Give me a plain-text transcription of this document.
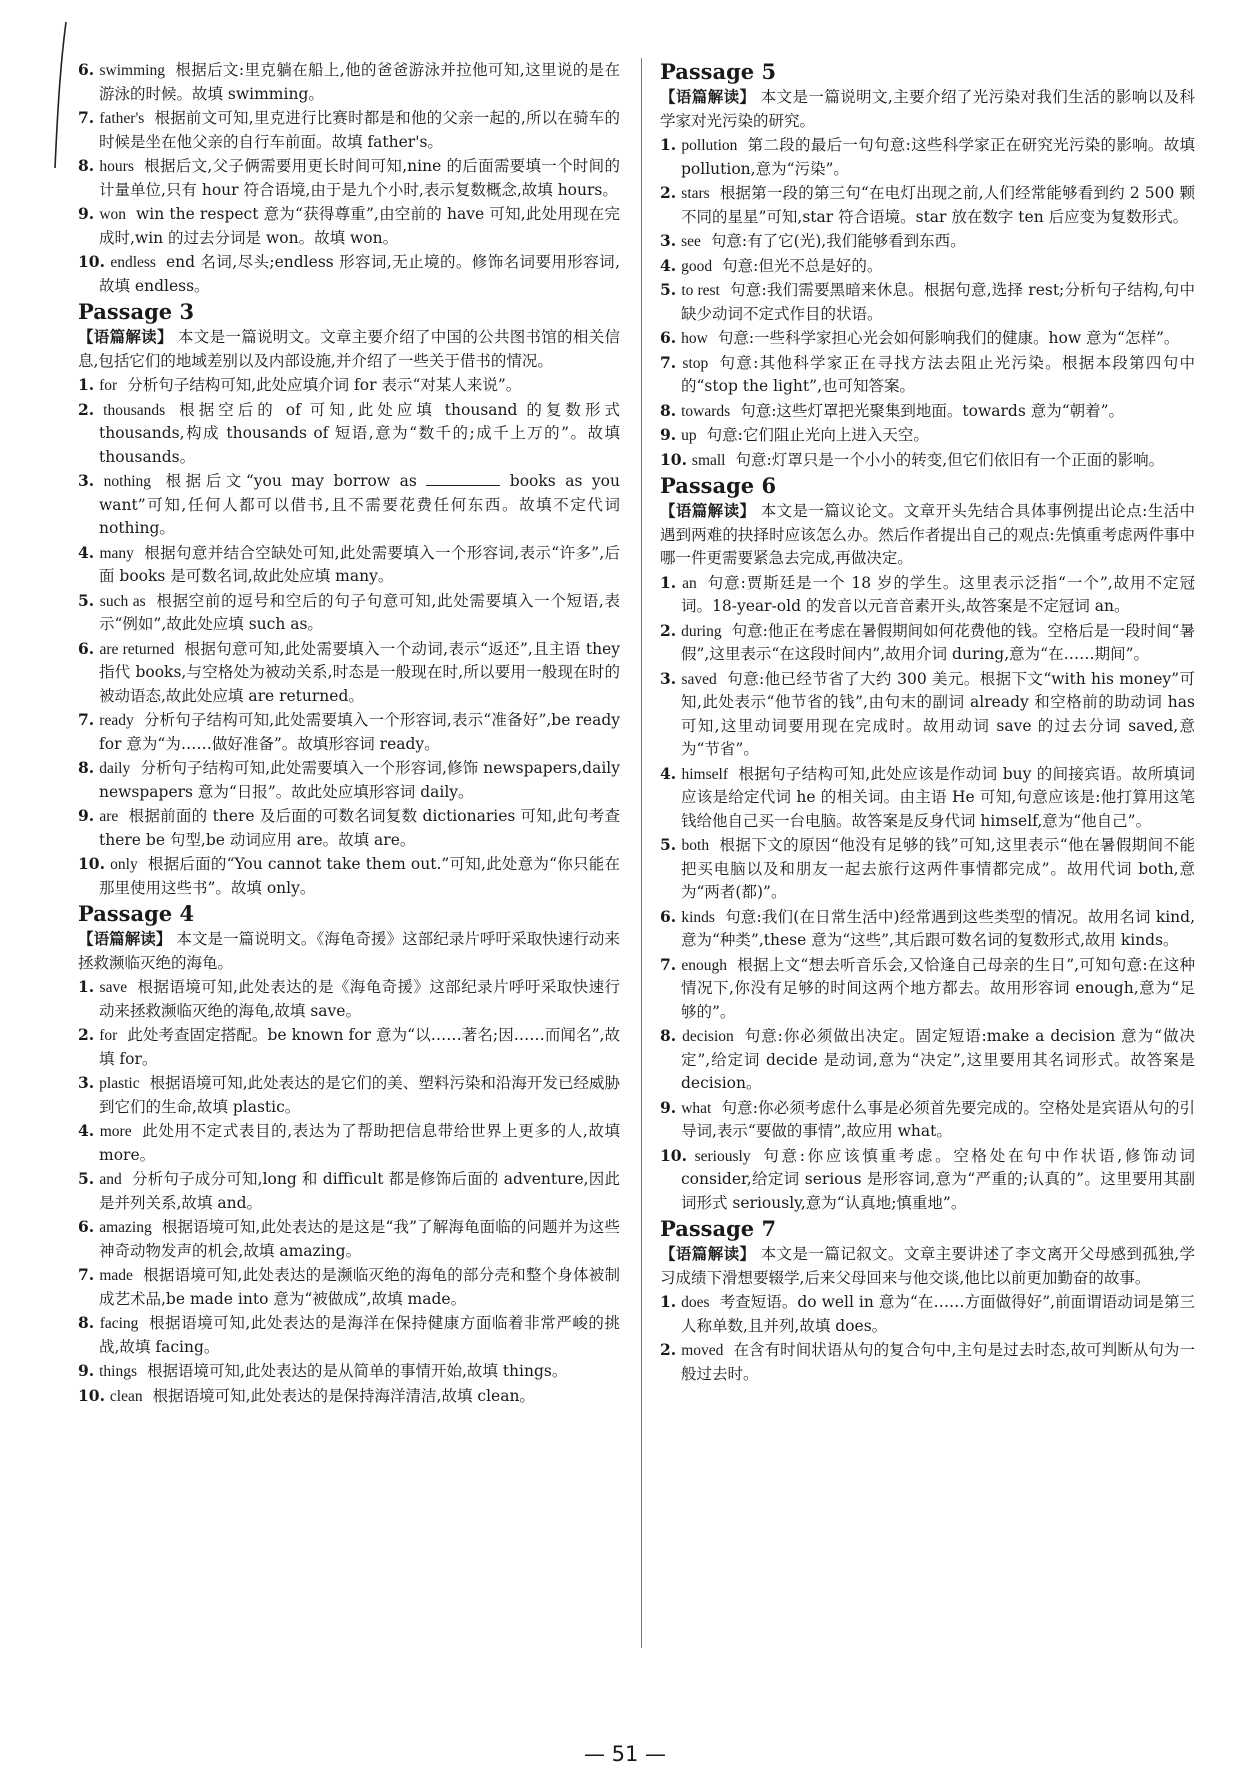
6. swimming 根据后文:里克躺在船上,他的爸爸游泳并拉他可知,这里说的是在游泳的时候。故填 swimming。

7. father's 根据前文可知,里克进行比赛时都是和他的父亲一起的,所以在骑车的时候是坐在他父亲的自行车前面。故填 father's。

8. hours 根据后文,父子俩需要用更长时间可知,nine 的后面需要填一个时间的计量单位,只有 hour 符合语境,由于是九个小时,表示复数概念,故填 hours。

9. won win the respect 意为“获得尊重”,由空前的 have 可知,此处用现在完成时,win 的过去分词是 won。故填 won。

10. endless end 名词,尽头;endless 形容词,无止境的。修饰名词要用形容词,故填 endless。

Passage 3

【语篇解读】 本文是一篇说明文。文章主要介绍了中国的公共图书馆的相关信息,包括它们的地域差别以及内部设施,并介绍了一些关于借书的情况。

1. for 分析句子结构可知,此处应填介词 for 表示“对某人来说”。

2. thousands 根据空后的 of 可知,此处应填 thousand 的复数形式 thousands,构成 thousands of 短语,意为“数千的;成千上万的”。故填 thousands。

3. nothing 根据后文“you may borrow as	books as you want”可知,任何人都可以借书,且不需要花费任何东西。故填不定代词 nothing。

4. many 根据句意并结合空缺处可知,此处需要填入一个形容词,表示“许多”,后面 books 是可数名词,故此处应填 many。

5. such as 根据空前的逗号和空后的句子句意可知,此处需要填入一个短语,表示“例如”,故此处应填 such as。

6. are returned 根据句意可知,此处需要填入一个动词,表示“返还”,且主语 they 指代 books,与空格处为被动关系,时态是一般现在时,所以要用一般现在时的被动语态,故此处应填 are returned。

7. ready 分析句子结构可知,此处需要填入一个形容词,表示“准备好”,be ready for 意为“为……做好准备”。故填形容词 ready。

8. daily 分析句子结构可知,此处需要填入一个形容词,修饰 newspapers,daily newspapers 意为“日报”。故此处应填形容词 daily。

9. are 根据前面的 there 及后面的可数名词复数 dictionaries 可知,此句考查 there be 句型,be 动词应用 are。故填 are。

10. only 根据后面的“You cannot take them out.”可知,此处意为“你只能在那里使用这些书”。故填 only。

Passage 4

【语篇解读】 本文是一篇说明文。《海龟奇援》这部纪录片呼吁采取快速行动来拯救濒临灭绝的海龟。

1. save 根据语境可知,此处表达的是《海龟奇援》这部纪录片呼吁采取快速行动来拯救濒临灭绝的海龟,故填 save。

2. for 此处考查固定搭配。be known for 意为“以……著名;因……而闻名”,故填 for。

3. plastic 根据语境可知,此处表达的是它们的美、塑料污染和沿海开发已经威胁到它们的生命,故填 plastic。

4. more 此处用不定式表目的,表达为了帮助把信息带给世界上更多的人,故填 more。

5. and 分析句子成分可知,long 和 difficult 都是修饰后面的 adventure,因此是并列关系,故填 and。

6. amazing 根据语境可知,此处表达的是这是“我”了解海龟面临的问题并为这些神奇动物发声的机会,故填 amazing。

7. made 根据语境可知,此处表达的是濒临灭绝的海龟的部分壳和整个身体被制成艺术品,be made into 意为“被做成”,故填 made。

8. facing 根据语境可知,此处表达的是海洋在保持健康方面临着非常严峻的挑战,故填 facing。

9. things 根据语境可知,此处表达的是从简单的事情开始,故填 things。

10. clean 根据语境可知,此处表达的是保持海洋清洁,故填 clean。

Passage 5

【语篇解读】 本文是一篇说明文,主要介绍了光污染对我们生活的影响以及科学家对光污染的研究。

1. pollution 第二段的最后一句句意:这些科学家正在研究光污染的影响。故填 pollution,意为“污染”。

2. stars 根据第一段的第三句“在电灯出现之前,人们经常能够看到约 2 500 颗不同的星星”可知,star 符合语境。star 放在数字 ten 后应变为复数形式。

3. see 句意:有了它(光),我们能够看到东西。

4. good 句意:但光不总是好的。

5. to rest 句意:我们需要黑暗来休息。根据句意,选择 rest;分析句子结构,句中缺少动词不定式作目的状语。

6. how 句意:一些科学家担心光会如何影响我们的健康。how 意为“怎样”。

7. stop 句意:其他科学家正在寻找方法去阻止光污染。根据本段第四句中的“stop the light”,也可知答案。

8. towards 句意:这些灯罩把光聚集到地面。towards 意为“朝着”。

9. up 句意:它们阻止光向上进入天空。

10. small 句意:灯罩只是一个小小的转变,但它们依旧有一个正面的影响。

Passage 6

【语篇解读】 本文是一篇议论文。文章开头先结合具体事例提出论点:生活中遇到两难的抉择时应该怎么办。然后作者提出自己的观点:先慎重考虑两件事中哪一件更需要紧急去完成,再做决定。

1. an 句意:贾斯廷是一个 18 岁的学生。这里表示泛指“一个”,故用不定冠词。18-year-old 的发音以元音音素开头,故答案是不定冠词 an。

2. during 句意:他正在考虑在暑假期间如何花费他的钱。空格后是一段时间“暑假”,这里表示“在这段时间内”,故用介词 during,意为“在……期间”。

3. saved 句意:他已经节省了大约 300 美元。根据下文“with his money”可知,此处表示“他节省的钱”,由句末的副词 already 和空格前的助动词 has 可知,这里动词要用现在完成时。故用动词 save 的过去分词 saved,意为“节省”。

4. himself 根据句子结构可知,此处应该是作动词 buy 的间接宾语。故所填词应该是给定代词 he 的相关词。由主语 He 可知,句意应该是:他打算用这笔钱给他自己买一台电脑。故答案是反身代词 himself,意为“他自己”。

5. both 根据下文的原因“他没有足够的钱”可知,这里表示“他在暑假期间不能把买电脑以及和朋友一起去旅行这两件事情都完成”。故用代词 both,意为“两者(都)”。

6. kinds 句意:我们(在日常生活中)经常遇到这些类型的情况。故用名词 kind,意为“种类”,these 意为“这些”,其后跟可数名词的复数形式,故用 kinds。

7. enough 根据上文“想去听音乐会,又恰逢自己母亲的生日”,可知句意:在这种情况下,你没有足够的时间这两个地方都去。故用形容词 enough,意为“足够的”。

8. decision 句意:你必须做出决定。固定短语:make a decision 意为“做决定”,给定词 decide 是动词,意为“决定”,这里要用其名词形式。故答案是 decision。

9. what 句意:你必须考虑什么事是必须首先要完成的。空格处是宾语从句的引导词,表示“要做的事情”,故应用 what。

10. seriously 句意:你应该慎重考虑。空格处在句中作状语,修饰动词 consider,给定词 serious 是形容词,意为“严重的;认真的”。这里要用其副词形式 seriously,意为“认真地;慎重地”。

Passage 7

【语篇解读】 本文是一篇记叙文。文章主要讲述了李文离开父母感到孤独,学习成绩下滑想要辍学,后来父母回来与他交谈,他比以前更加勤奋的故事。

1. does 考查短语。do well in 意为“在……方面做得好”,前面谓语动词是第三人称单数,且并列,故填 does。

2. moved 在含有时间状语从句的复合句中,主句是过去时态,故可判断从句为一般过去时。

— 51 —
